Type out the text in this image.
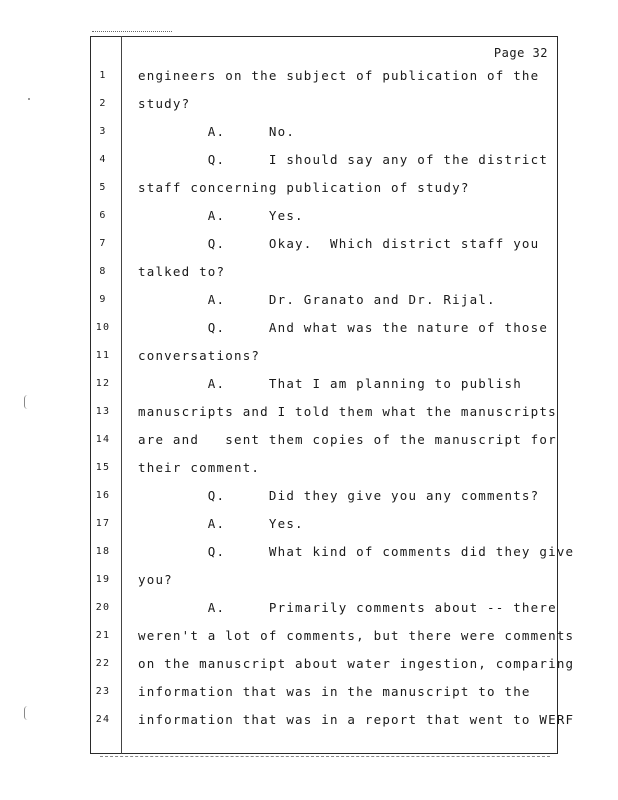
Page 32
1	engineers on the subject of publication of the
2	study?
3	A.     No.
4	Q.     I should say any of the district
5	staff concerning publication of study?
6	A.     Yes.
7	Q.     Okay.  Which district staff you
8	talked to?
9	A.     Dr. Granato and Dr. Rijal.
10	Q.     And what was the nature of those
11	conversations?
12	A.     That I am planning to publish
13	manuscripts and I told them what the manuscripts
14	are and   sent them copies of the manuscript for
15	their comment.
16	Q.     Did they give you any comments?
17	A.     Yes.
18	Q.     What kind of comments did they give
19	you?
20	A.     Primarily comments about -- there
21	weren't a lot of comments, but there were comments
22	on the manuscript about water ingestion, comparing
23	information that was in the manuscript to the
24	information that was in a report that went to WERF
